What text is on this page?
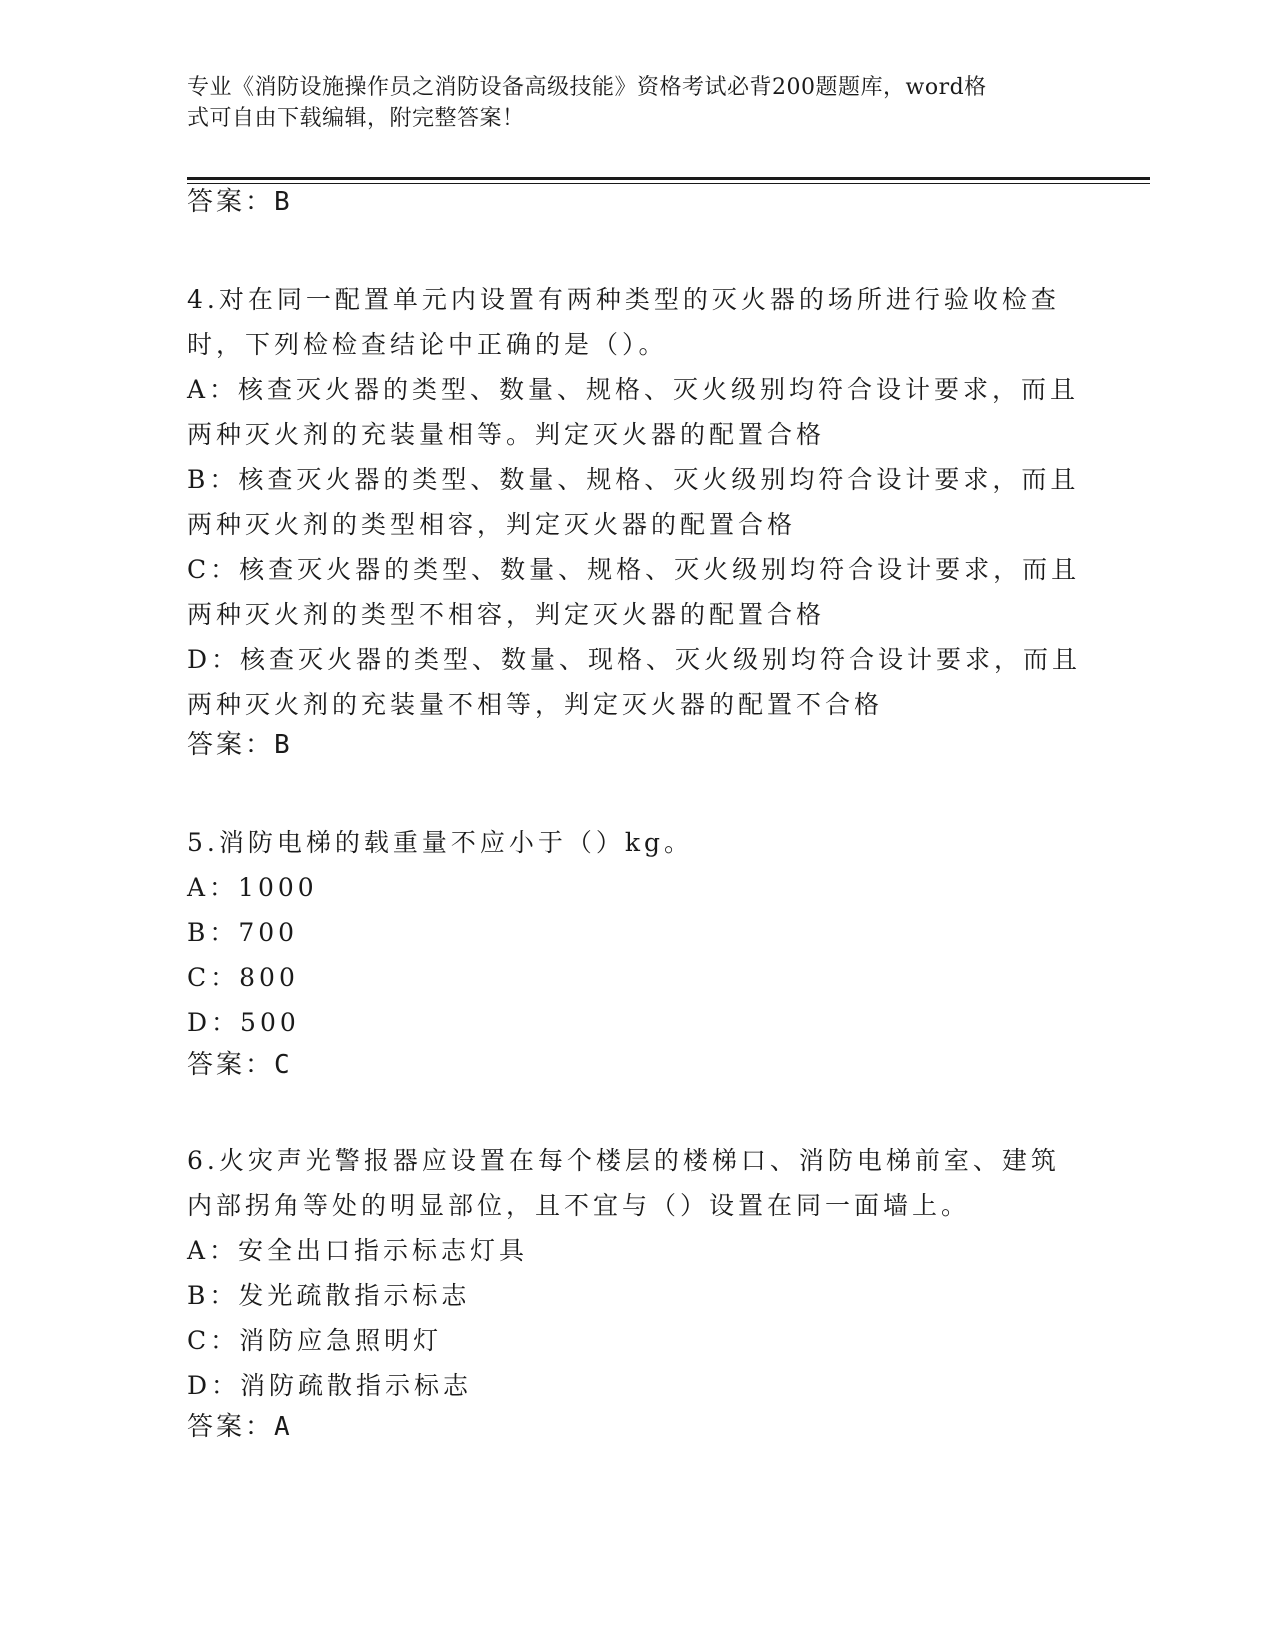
专业《消防设施操作员之消防设备高级技能》资格考试必背200题题库，word格
式可自由下载编辑，附完整答案！
答案：B
4.对在同一配置单元内设置有两种类型的灭火器的场所进行验收检查
时，下列检检查结论中正确的是（）。
A：核查灭火器的类型、数量、规格、灭火级别均符合设计要求，而且
两种灭火剂的充装量相等。判定灭火器的配置合格
B：核查灭火器的类型、数量、规格、灭火级别均符合设计要求，而且
两种灭火剂的类型相容，判定灭火器的配置合格
C：核查灭火器的类型、数量、规格、灭火级别均符合设计要求，而且
两种灭火剂的类型不相容，判定灭火器的配置合格
D：核查灭火器的类型、数量、现格、灭火级别均符合设计要求，而且
两种灭火剂的充装量不相等，判定灭火器的配置不合格
答案：B
5.消防电梯的载重量不应小于（）kg。
A：1000
B：700
C：800
D：500
答案：C
6.火灾声光警报器应设置在每个楼层的楼梯口、消防电梯前室、建筑
内部拐角等处的明显部位，且不宜与（）设置在同一面墙上。
A：安全出口指示标志灯具
B：发光疏散指示标志
C：消防应急照明灯
D：消防疏散指示标志
答案：A
